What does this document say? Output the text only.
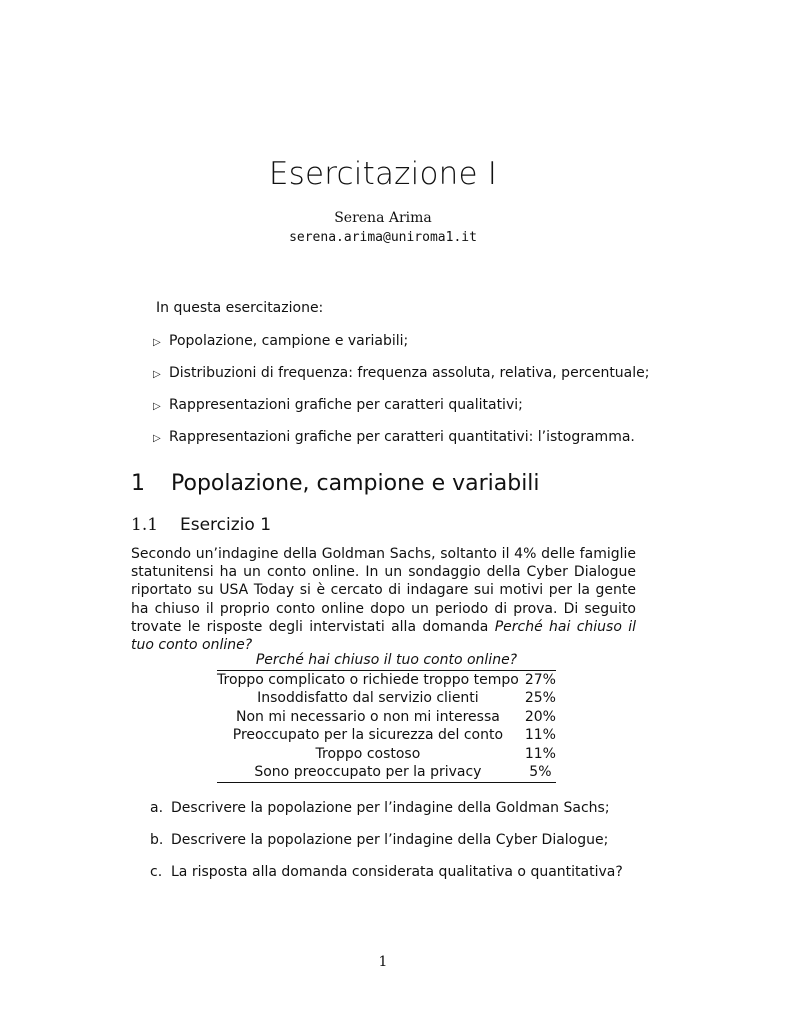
Esercitazione I
Serena Arima
serena.arima@uniroma1.it
In questa esercitazione:
▷ Popolazione, campione e variabili;
▷ Distribuzioni di frequenza: frequenza assoluta, relativa, percentuale;
▷ Rappresentazioni grafiche per caratteri qualitativi;
▷ Rappresentazioni grafiche per caratteri quantitativi: l’istogramma.
1 Popolazione, campione e variabili
1.1 Esercizio 1
Secondo un’indagine della Goldman Sachs, soltanto il 4% delle famiglie statunitensi ha un conto online. In un sondaggio della Cyber Dialogue riportato su USA Today si è cercato di indagare sui motivi per la gente ha chiuso il proprio conto online dopo un periodo di prova. Di seguito trovate le risposte degli intervistati alla domanda Perché hai chiuso il tuo conto online?
Perché hai chiuso il tuo conto online?	
Troppo complicato o richiede troppo tempo	27%
Insoddisfatto dal servizio clienti	25%
Non mi necessario o non mi interessa	20%
Preoccupato per la sicurezza del conto	11%
Troppo costoso	11%
Sono preoccupato per la privacy	5%
a. Descrivere la popolazione per l’indagine della Goldman Sachs;
b. Descrivere la popolazione per l’indagine della Cyber Dialogue;
c. La risposta alla domanda considerata qualitativa o quantitativa?
1
